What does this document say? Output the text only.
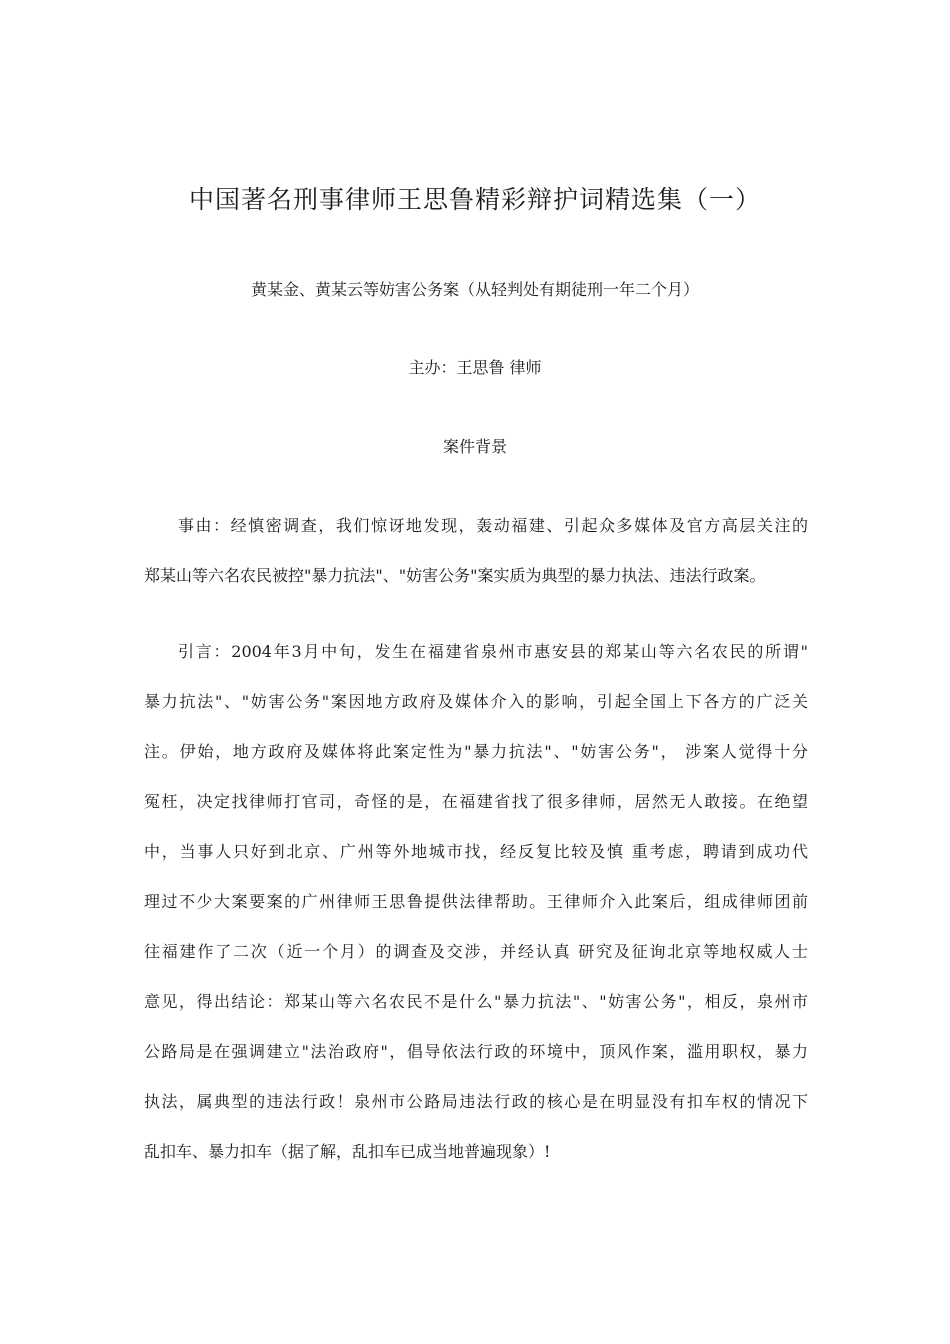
中国著名刑事律师王思鲁精彩辩护词精选集（一）
黄某金、黄某云等妨害公务案（从轻判处有期徒刑一年二个月）
主办：王思鲁 律师
案件背景
事由：经慎密调查，我们惊讶地发现，轰动福建、引起众多媒体及官方高层关注的
郑某山等六名农民被控"暴力抗法"、"妨害公务"案实质为典型的暴力执法、违法行政案。
引言：2004年3月中旬，发生在福建省泉州市惠安县的郑某山等六名农民的所谓"
暴力抗法"、"妨害公务"案因地方政府及媒体介入的影响，引起全国上下各方的广泛关
注。伊始，地方政府及媒体将此案定性为"暴力抗法"、"妨害公务"， 涉案人觉得十分
冤枉，决定找律师打官司，奇怪的是，在福建省找了很多律师，居然无人敢接。在绝望
中，当事人只好到北京、广州等外地城市找，经反复比较及慎 重考虑，聘请到成功代
理过不少大案要案的广州律师王思鲁提供法律帮助。王律师介入此案后，组成律师团前
往福建作了二次（近一个月）的调查及交涉，并经认真 研究及征询北京等地权威人士
意见，得出结论：郑某山等六名农民不是什么"暴力抗法"、"妨害公务"，相反，泉州市
公路局是在强调建立"法治政府"，倡导依法行政的环境中，顶风作案，滥用职权，暴力
执法，属典型的违法行政！泉州市公路局违法行政的核心是在明显没有扣车权的情况下
乱扣车、暴力扣车（据了解，乱扣车已成当地普遍现象）!
